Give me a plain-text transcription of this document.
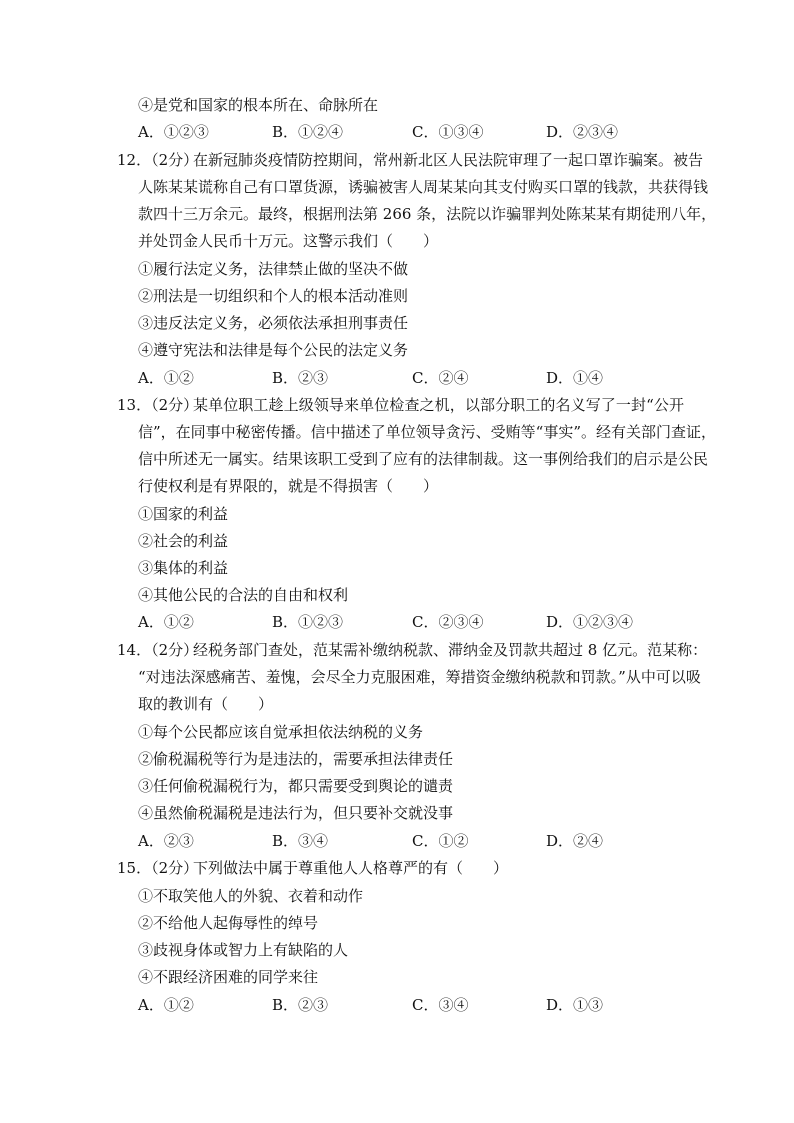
④是党和国家的根本所在、命脉所在
A．①②③	B．①②④	C．①③④	D．②③④
12．（2分）
在新冠肺炎疫情防控期间，常州新北区人民法院审理了一起口罩诈骗案。被告
人陈某某谎称自己有口罩货源，诱骗被害人周某某向其支付购买口罩的钱款，共获得钱
款四十三万余元。最终，根据刑法第 266 条，法院以诈骗罪判处陈某某有期徒刑八年，
并处罚金人民币十万元。这警示我们（　　）
①履行法定义务，法律禁止做的坚决不做
②刑法是一切组织和个人的根本活动准则
③违反法定义务，必须依法承担刑事责任
④遵守宪法和法律是每个公民的法定义务
A．①②	B．②③	C．②④	D．①④
13．（2分）
某单位职工趁上级领导来单位检查之机，以部分职工的名义写了一封“公开
信”，在同事中秘密传播。信中描述了单位领导贪污、受贿等“事实”。经有关部门查证，
信中所述无一属实。结果该职工受到了应有的法律制裁。这一事例给我们的启示是公民
行使权利是有界限的，就是不得损害（　　）
①国家的利益
②社会的利益
③集体的利益
④其他公民的合法的自由和权利
A．①②	B．①②③	C．②③④	D．①②③④
14．（2分）
经税务部门查处，范某需补缴纳税款、滞纳金及罚款共超过 8 亿元。范某称：
“对违法深感痛苦、羞愧，会尽全力克服困难，筹措资金缴纳税款和罚款。”从中可以吸
取的教训有（　　）
①每个公民都应该自觉承担依法纳税的义务
②偷税漏税等行为是违法的，需要承担法律责任
③任何偷税漏税行为，都只需要受到舆论的谴责
④虽然偷税漏税是违法行为，但只要补交就没事
A．②③	B．③④	C．①②	D．②④
15．（2分）
下列做法中属于尊重他人人格尊严的有（　　）
①不取笑他人的外貌、衣着和动作
②不给他人起侮辱性的绰号
③歧视身体或智力上有缺陷的人
④不跟经济困难的同学来往
A．①②	B．②③	C．③④	D．①③
